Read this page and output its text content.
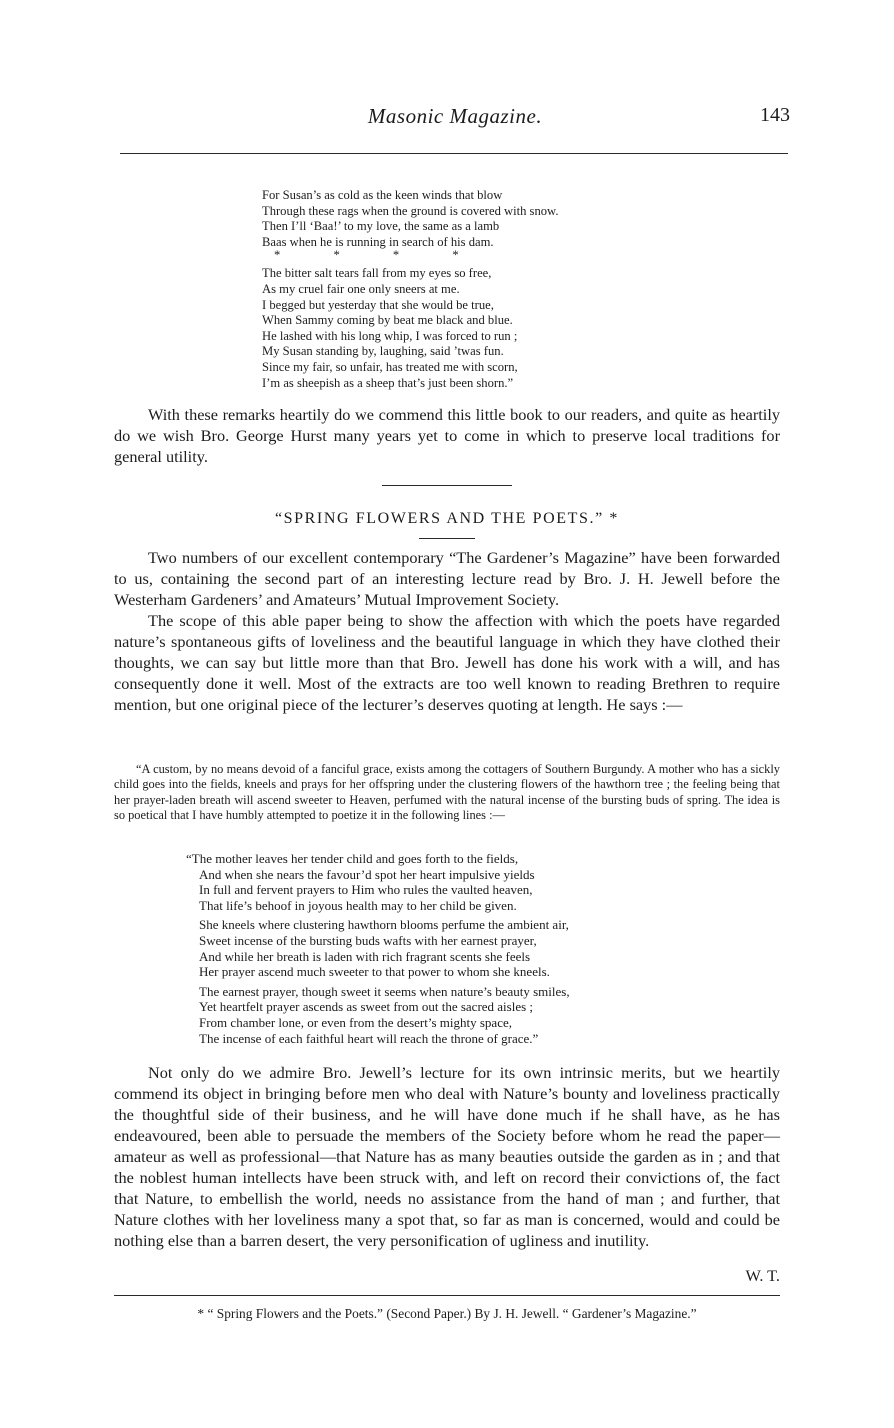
Masonic Magazine.	143
For Susan’s as cold as the keen winds that blow
Through these rags when the ground is covered with snow.
Then I’ll ‘Baa!’ to my love, the same as a lamb
Baas when he is running in search of his dam.
* * * *
The bitter salt tears fall from my eyes so free,
As my cruel fair one only sneers at me.
I begged but yesterday that she would be true,
When Sammy coming by beat me black and blue.
He lashed with his long whip, I was forced to run ;
My Susan standing by, laughing, said ’twas fun.
Since my fair, so unfair, has treated me with scorn,
I’m as sheepish as a sheep that’s just been shorn.”

With these remarks heartily do we commend this little book to our readers, and quite as heartily do we wish Bro. George Hurst many years yet to come in which to preserve local traditions for general utility.

“SPRING FLOWERS AND THE POETS.” *

Two numbers of our excellent contemporary “The Gardener’s Magazine” have been forwarded to us, containing the second part of an interesting lecture read by Bro. J. H. Jewell before the Westerham Gardeners’ and Amateurs’ Mutual Improvement Society.

The scope of this able paper being to show the affection with which the poets have regarded nature’s spontaneous gifts of loveliness and the beautiful language in which they have clothed their thoughts, we can say but little more than that Bro. Jewell has done his work with a will, and has consequently done it well. Most of the extracts are too well known to reading Brethren to require mention, but one original piece of the lecturer’s deserves quoting at length. He says :—

“A custom, by no means devoid of a fanciful grace, exists among the cottagers of Southern Burgundy. A mother who has a sickly child goes into the fields, kneels and prays for her offspring under the clustering flowers of the hawthorn tree ; the feeling being that her prayer-laden breath will ascend sweeter to Heaven, perfumed with the natural incense of the bursting buds of spring. The idea is so poetical that I have humbly attempted to poetize it in the following lines :—

“The mother leaves her tender child and goes forth to the fields,
And when she nears the favour’d spot her heart impulsive yields
In full and fervent prayers to Him who rules the vaulted heaven,
That life’s behoof in joyous health may to her child be given.
She kneels where clustering hawthorn blooms perfume the ambient air,
Sweet incense of the bursting buds wafts with her earnest prayer,
And while her breath is laden with rich fragrant scents she feels
Her prayer ascend much sweeter to that power to whom she kneels.
The earnest prayer, though sweet it seems when nature’s beauty smiles,
Yet heartfelt prayer ascends as sweet from out the sacred aisles ;
From chamber lone, or even from the desert’s mighty space,
The incense of each faithful heart will reach the throne of grace.”

Not only do we admire Bro. Jewell’s lecture for its own intrinsic merits, but we heartily commend its object in bringing before men who deal with Nature’s bounty and loveliness practically the thoughtful side of their business, and he will have done much if he shall have, as he has endeavoured, been able to persuade the members of the Society before whom he read the paper—amateur as well as professional—that Nature has as many beauties outside the garden as in ; and that the noblest human intellects have been struck with, and left on record their convictions of, the fact that Nature, to embellish the world, needs no assistance from the hand of man ; and further, that Nature clothes with her loveliness many a spot that, so far as man is concerned, would and could be nothing else than a barren desert, the very personification of ugliness and inutility.

W. T.
* “ Spring Flowers and the Poets.” (Second Paper.) By J. H. Jewell. “ Gardener’s Magazine.”
